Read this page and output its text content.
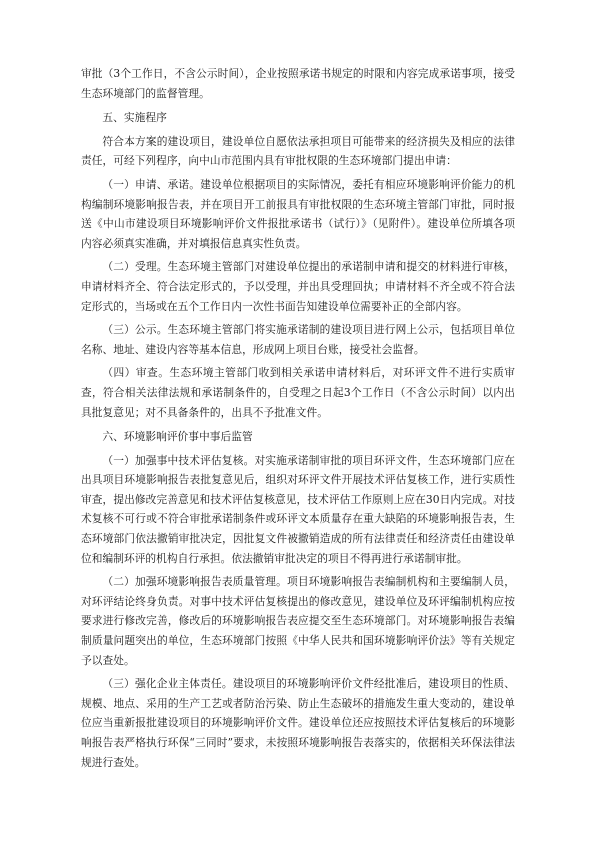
审批（3个工作日，不含公示时间），企业按照承诺书规定的时限和内容完成承诺事项，接受生态环境部门的监督管理。

五、实施程序

符合本方案的建设项目，建设单位自愿依法承担项目可能带来的经济损失及相应的法律责任，可经下列程序，向中山市范围内具有审批权限的生态环境部门提出申请：

（一）申请、承诺。建设单位根据项目的实际情况，委托有相应环境影响评价能力的机构编制环境影响报告表，并在项目开工前报具有审批权限的生态环境主管部门审批，同时报送《中山市建设项目环境影响评价文件报批承诺书（试行）》（见附件）。建设单位所填各项内容必须真实准确，并对填报信息真实性负责。

（二）受理。生态环境主管部门对建设单位提出的承诺制申请和提交的材料进行审核，申请材料齐全、符合法定形式的，予以受理，并出具受理回执；申请材料不齐全或不符合法定形式的，当场或在五个工作日内一次性书面告知建设单位需要补正的全部内容。

（三）公示。生态环境主管部门将实施承诺制的建设项目进行网上公示，包括项目单位名称、地址、建设内容等基本信息，形成网上项目台账，接受社会监督。

（四）审查。生态环境主管部门收到相关承诺申请材料后，对环评文件不进行实质审查，符合相关法律法规和承诺制条件的，自受理之日起3个工作日（不含公示时间）以内出具批复意见；对不具备条件的，出具不予批准文件。

六、环境影响评价事中事后监管

（一）加强事中技术评估复核。对实施承诺制审批的项目环评文件，生态环境部门应在出具项目环境影响报告表批复意见后，组织对环评文件开展技术评估复核工作，进行实质性审查，提出修改完善意见和技术评估复核意见，技术评估工作原则上应在30日内完成。对技术复核不可行或不符合审批承诺制条件或环评文本质量存在重大缺陷的环境影响报告表，生态环境部门依法撤销审批决定，因批复文件被撤销造成的所有法律责任和经济责任由建设单位和编制环评的机构自行承担。依法撤销审批决定的项目不得再进行承诺制审批。

（二）加强环境影响报告表质量管理。项目环境影响报告表编制机构和主要编制人员，对环评结论终身负责。对事中技术评估复核提出的修改意见，建设单位及环评编制机构应按要求进行修改完善，修改后的环境影响报告表应提交至生态环境部门。对环境影响报告表编制质量问题突出的单位，生态环境部门按照《中华人民共和国环境影响评价法》等有关规定予以查处。

（三）强化企业主体责任。建设项目的环境影响评价文件经批准后，建设项目的性质、规模、地点、采用的生产工艺或者防治污染、防止生态破坏的措施发生重大变动的，建设单位应当重新报批建设项目的环境影响评价文件。建设单位还应按照技术评估复核后的环境影响报告表严格执行环保“三同时”要求，未按照环境影响报告表落实的，依据相关环保法律法规进行查处。
